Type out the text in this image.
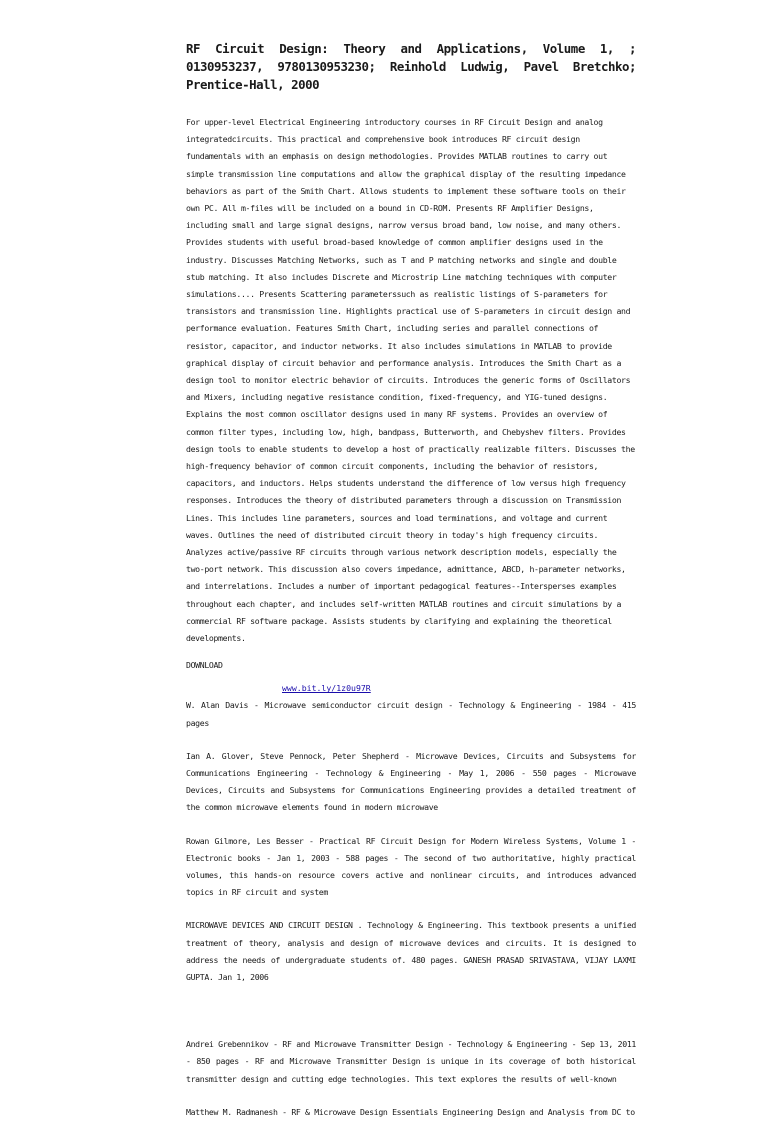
RF Circuit Design: Theory and Applications, Volume 1, ; 0130953237, 9780130953230; Reinhold Ludwig, Pavel Bretchko; Prentice-Hall, 2000

For upper-level Electrical Engineering introductory courses in RF Circuit Design and analog integratedcircuits. This practical and comprehensive book introduces RF circuit design fundamentals with an emphasis on design methodologies. Provides MATLAB routines to carry out simple transmission line computations and allow the graphical display of the resulting impedance behaviors as part of the Smith Chart. Allows students to implement these software tools on their own PC. All m-files will be included on a bound in CD-ROM. Presents RF Amplifier Designs, including small and large signal designs, narrow versus broad band, low noise, and many others. Provides students with useful broad-based knowledge of common amplifier designs used in the industry. Discusses Matching Networks, such as T and P matching networks and single and double stub matching. It also includes Discrete and Microstrip Line matching techniques with computer simulations.... Presents Scattering parameterssuch as realistic listings of S-parameters for transistors and transmission line. Highlights practical use of S-parameters in circuit design and performance evaluation. Features Smith Chart, including series and parallel connections of resistor, capacitor, and inductor networks. It also includes simulations in MATLAB to provide graphical display of circuit behavior and performance analysis. Introduces the Smith Chart as a design tool to monitor electric behavior of circuits. Introduces the generic forms of Oscillators and Mixers, including negative resistance condition, fixed-frequency, and YIG-tuned designs. Explains the most common oscillator designs used in many RF systems. Provides an overview of common filter types, including low, high, bandpass, Butterworth, and Chebyshev filters. Provides design tools to enable students to develop a host of practically realizable filters. Discusses the high-frequency behavior of common circuit components, including the behavior of resistors, capacitors, and inductors. Helps students understand the difference of low versus high frequency responses. Introduces the theory of distributed parameters through a discussion on Transmission Lines. This includes line parameters, sources and load terminations, and voltage and current waves. Outlines the need of distributed circuit theory in today's high frequency circuits. Analyzes active/passive RF circuits through various network description models, especially the two-port network. This discussion also covers impedance, admittance, ABCD, h-parameter networks, and interrelations. Includes a number of important pedagogical features--Intersperses examples throughout each chapter, and includes self-written MATLAB routines and circuit simulations by a commercial RF software package. Assists students by clarifying and explaining the theoretical developments.

DOWNLOAD

www.bit.ly/1z0u97R

W. Alan Davis - Microwave semiconductor circuit design - Technology & Engineering - 1984 - 415 pages

Ian A. Glover, Steve Pennock, Peter Shepherd - Microwave Devices, Circuits and Subsystems for Communications Engineering - Technology & Engineering - May 1, 2006 - 550 pages - Microwave Devices, Circuits and Subsystems for Communications Engineering provides a detailed treatment of the common microwave elements found in modern microwave

Rowan Gilmore, Les Besser - Practical RF Circuit Design for Modern Wireless Systems, Volume 1 - Electronic books - Jan 1, 2003 - 588 pages - The second of two authoritative, highly practical volumes, this hands-on resource covers active and nonlinear circuits, and introduces advanced topics in RF circuit and system

MICROWAVE DEVICES AND CIRCUIT DESIGN . Technology & Engineering. This textbook presents a unified treatment of theory, analysis and design of microwave devices and circuits. It is designed to address the needs of undergraduate students of. 480 pages. GANESH PRASAD SRIVASTAVA, VIJAY LAXMI GUPTA. Jan 1, 2006

Andrei Grebennikov - RF and Microwave Transmitter Design - Technology & Engineering - Sep 13, 2011 - 850 pages - RF and Microwave Transmitter Design is unique in its coverage of both historical transmitter design and cutting edge technologies. This text explores the results of well-known

Matthew M. Radmanesh - RF & Microwave Design Essentials Engineering Design and Analysis from DC to
